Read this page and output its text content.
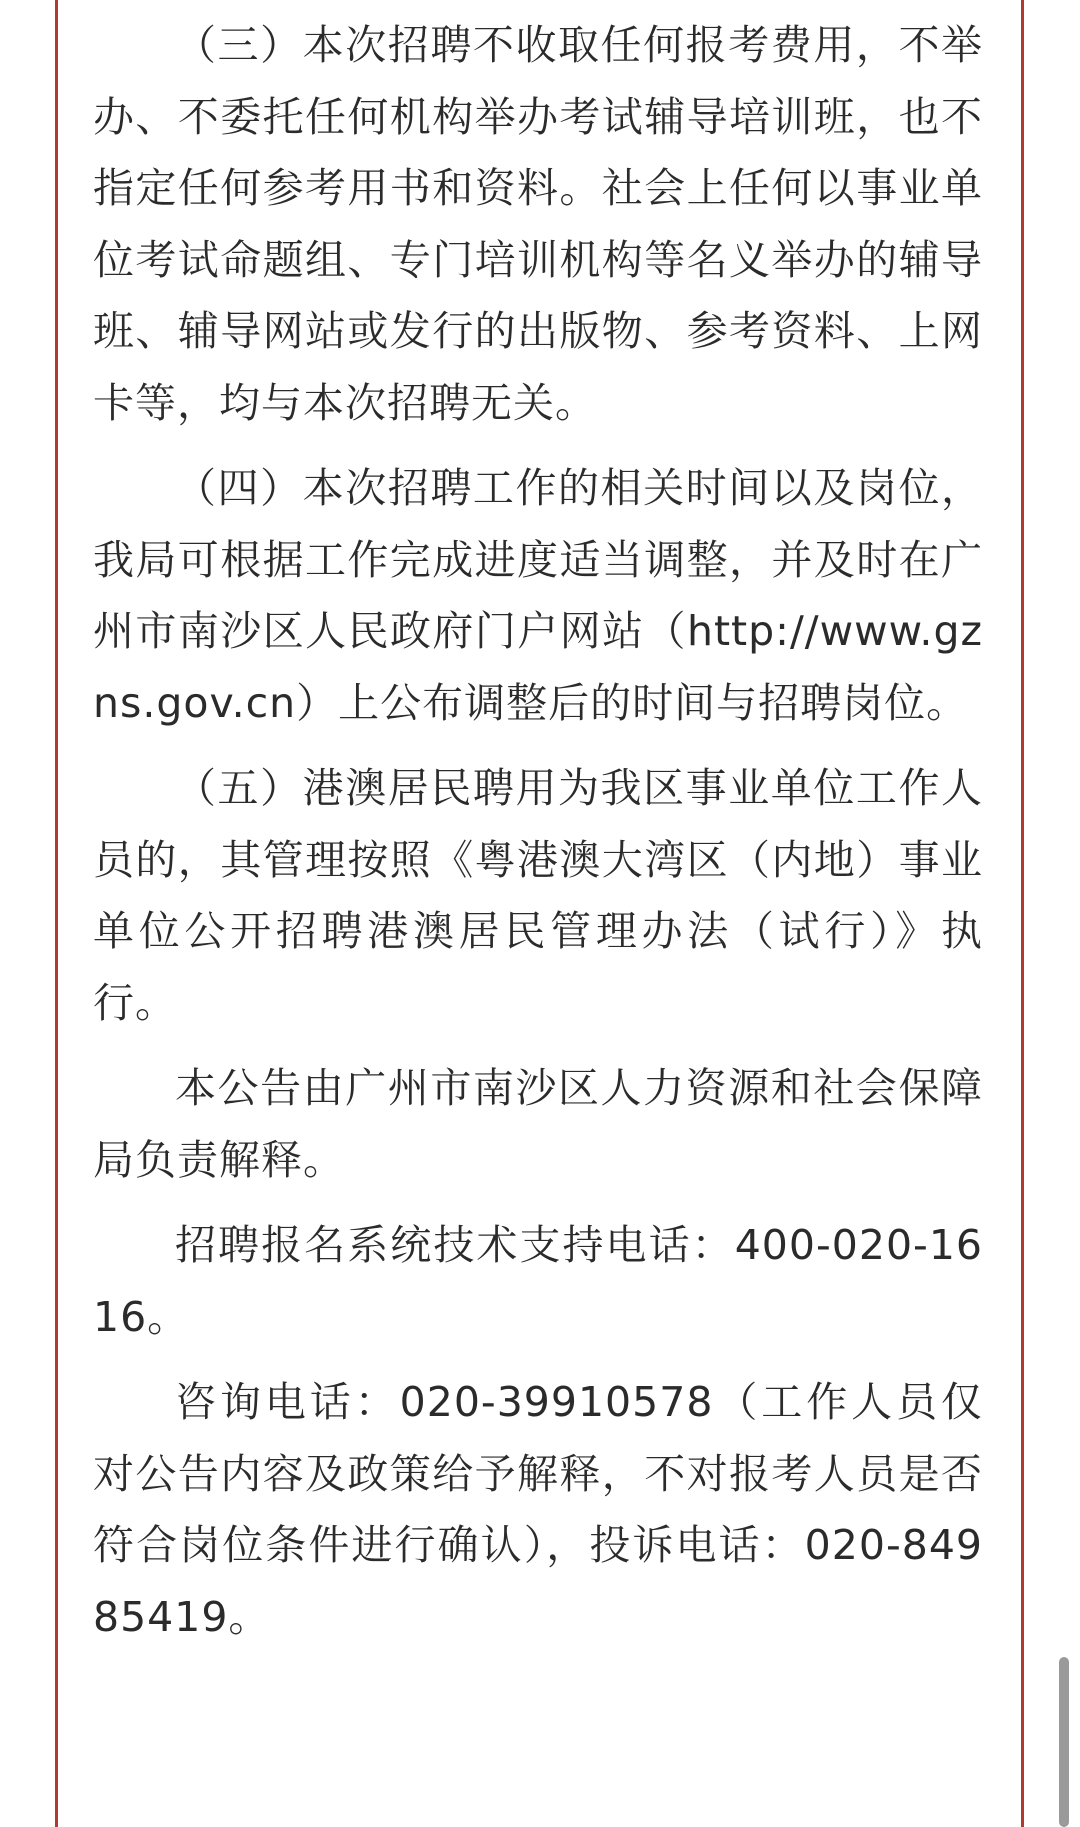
（三）本次招聘不收取任何报考费用，不举办、不委托任何机构举办考试辅导培训班，也不指定任何参考用书和资料。社会上任何以事业单位考试命题组、专门培训机构等名义举办的辅导班、辅导网站或发行的出版物、参考资料、上网卡等，均与本次招聘无关。

（四）本次招聘工作的相关时间以及岗位，我局可根据工作完成进度适当调整，并及时在广州市南沙区人民政府门户网站（http://www.gzns.gov.cn）上公布调整后的时间与招聘岗位。

（五）港澳居民聘用为我区事业单位工作人员的，其管理按照《粤港澳大湾区（内地）事业单位公开招聘港澳居民管理办法（试行）》执行。

本公告由广州市南沙区人力资源和社会保障局负责解释。

招聘报名系统技术支持电话：400-020-1616。

咨询电话：020-39910578（工作人员仅对公告内容及政策给予解释，不对报考人员是否符合岗位条件进行确认），投诉电话：020-84985419。
